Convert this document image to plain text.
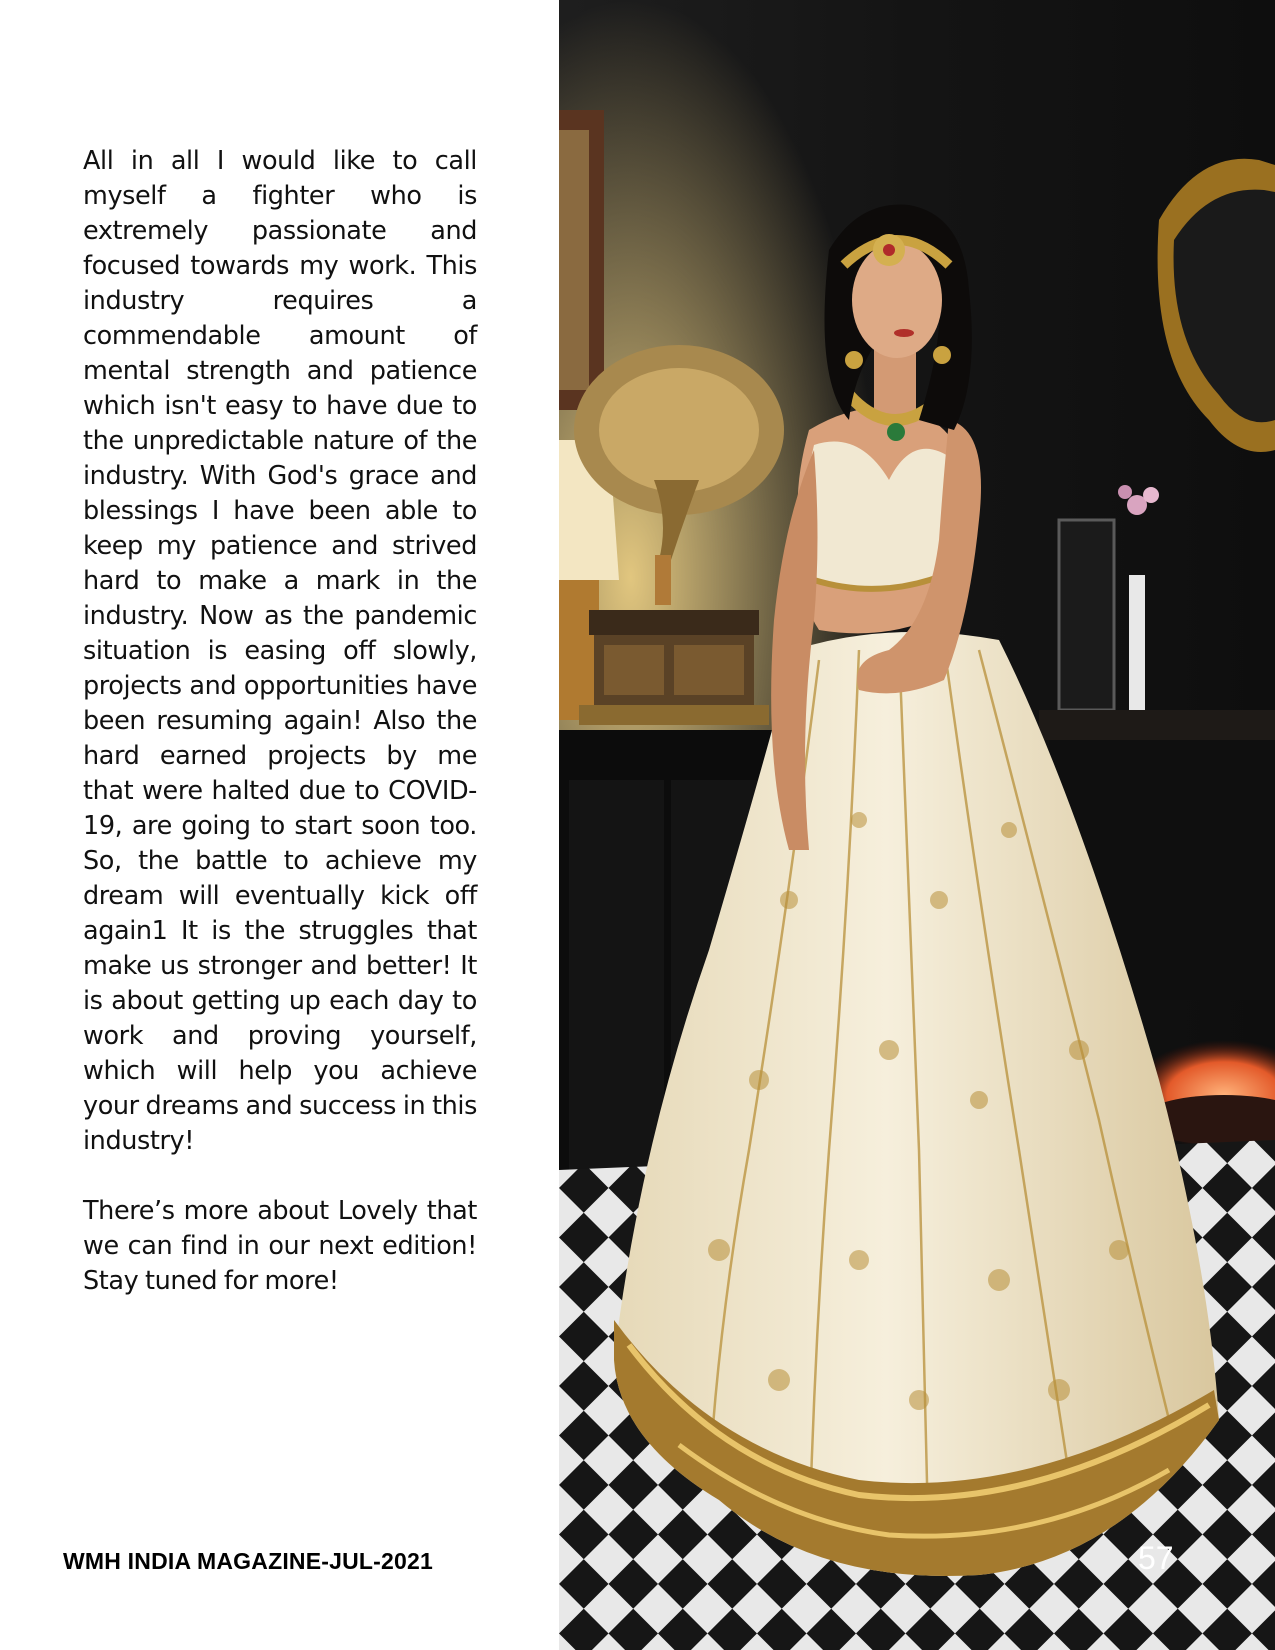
All in all I would like to call myself a fighter who is extremely passionate and focused towards my work. This industry requires a commendable amount of mental strength and patience which isn't easy to have due to the unpredictable nature of the industry. With God's grace and blessings I have been able to keep my patience and strived hard to make a mark in the industry. Now as the pandemic situation is easing off slowly, projects and opportunities have been resuming again! Also the hard earned projects by me that were halted due to COVID-19, are going to start soon too. So, the battle to achieve my dream will eventually kick off again1 It is the struggles that make us stronger and better! It is about getting up each day to work and proving yourself, which will help you achieve your dreams and success in this industry!

There’s more about Lovely that we can find in our next edition! Stay tuned for more!

WMH INDIA MAGAZINE-JUL-2021	57
